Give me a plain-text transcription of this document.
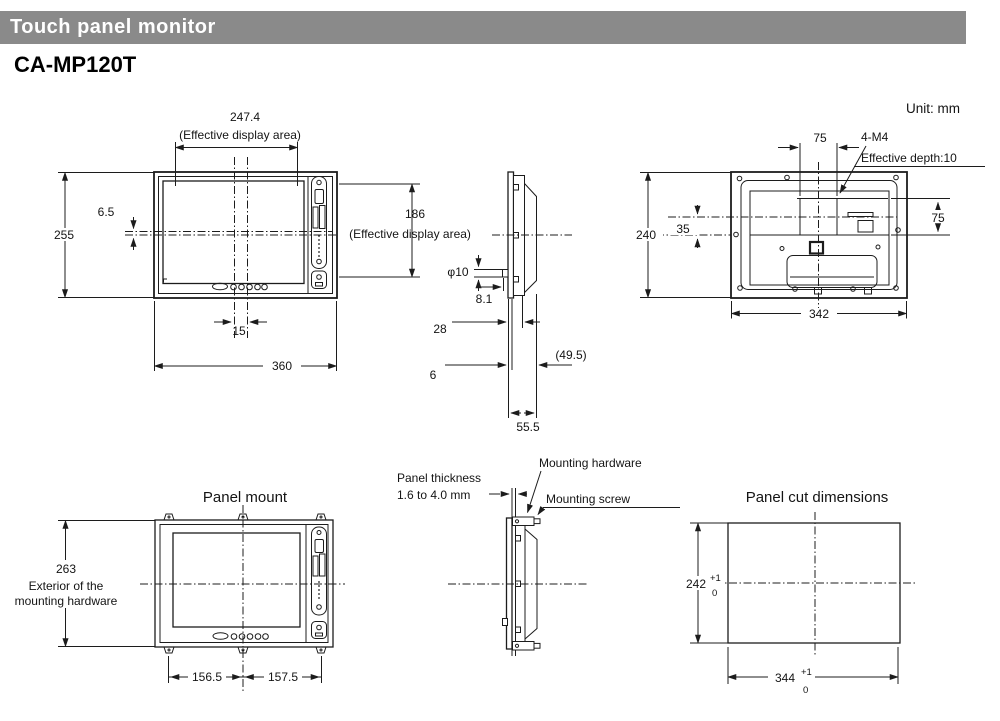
Touch panel monitor
CA-MP120T
Unit: mm
247.4
(Effective display area)
255
6.5	186
(Effective display area)
15
360
φ10
8.1
28
6
(49.5)
55.5
75	4-M4
Effective depth:10
240 35
75
342
Panel mount
263
Exterior of the
mounting hardware
156.5	157.5
Panel thickness
1.6 to 4.0 mm
Mounting hardware
Mounting screw	Panel cut dimensions
242 +1
0
344 +1
0
